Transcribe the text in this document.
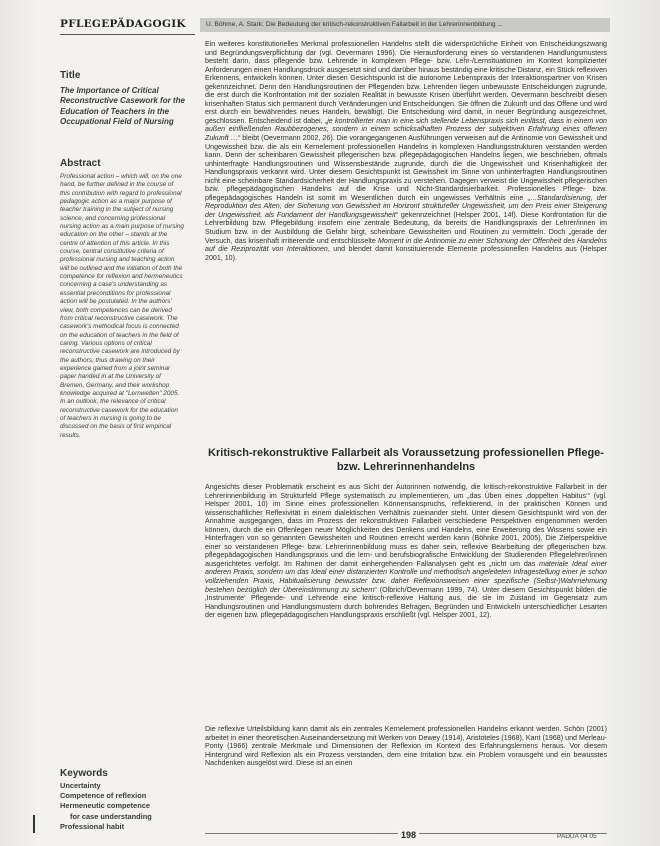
PFLEGEPÄDAGOGIK
Title
The Importance of Critical Reconstructive Casework for the Education of Teachers in the Occupational Field of Nursing
Abstract
Professional action – which will, on the one hand, be further defined in the course of this contribution with regard to professional pedagogic action as a major purpose of teacher training in the subject of nursing science, and concerning professional nursing action as a main purpose of nursing education on the other – stands at the centre of attention of this article. In this course, central constitutive criteria of professional nursing and teaching action will be outlined and the initiation of both the competence for reflexion and hermeneutics concerning a case's understanding as essential preconditions for professional action will be postulated. In the authors' view, both competences can be derived from critical reconstructive casework. The casework's methodical focus is connected on the education of teachers in the field of caring. Various options of critical reconstructive casework are introduced by the authors, thus drawing on their experience gained from a joint seminar paper handed in at the University of Bremen, Germany, and their workshop knowledge acquired at "Lernwelten" 2005. In an outlook, the relevance of critical reconstructive casework for the education of teachers in nursing is going to be discussed on the basis of first empirical results.
Keywords
Uncertainty
Competence of reflexion
Hermeneutic competence
for case understanding
Professional habit
U. Böhme, A. Stark: Die Bedeutung der kritisch-rekonstruktiven Fallarbeit in der Lehrerinnenbildung ...

Ein weiteres konstitutionelles Merkmal professionellen Handelns stellt die widersprüchliche Einheit von Entscheidungszwang und Begründungsverpflichtung dar (vgl. Oevermann 1996). Die Herausforderung eines so verstandenen Handlungsmusters besteht darin, dass pflegende bzw. Lehrende in komplexen Pflege- bzw. Lehr-/Lernsituationen im Kontext komplizierter Anforderungen einen Handlungsdruck ausgesetzt sind und darüber hinaus beständig eine kritische Distanz, ein Stück reflexiven Erkennens, entwickeln können. Unter diesen Gesichtspunkt ist die autonome Lebenspraxis der Interaktionspartner von Krisen gekennzeichnet. Denn den Handlungsroutinen der Pflegenden bzw. Lehrenden liegen unbewusste Entscheidungen zugrunde, die erst durch die Konfrontation mit der sozialen Realität in bewusste Krisen überführt werden. Oevermann beschreibt diesen krisenhaften Status sich permanent durch Veränderungen und Entscheidungen. Sie öffnen die Zukunft und das Offene und wird erst durch ein bewährendes neues Handeln, bewältigt. Die Entscheidung wird damit, in neuer Begründung ausgezeichnet, geschlossen. Entscheidend ist dabei, „je kontrollierter man in eine sich stellende Lebenspraxis sich einlässt, dass in einem von außen einfließenden Raubbezogenes, sondern in einem schicksalhaften Prozess der subjektiven Erfahrung eines offenen Zukunft …“ bleibt (Oevermann 2002, 26). Die vorangegangenen Ausführungen verweisen auf die Antinomie von Gewissheit und Ungewissheit bzw. die als ein Kernelement professionellen Handelns in komplexen Handlungsstrukturen verstanden werden kann. Denn der scheinbaren Gewissheit pflegerischen bzw. pflegepädagogischen Handelns liegen, wie beschrieben, oftmals unhinterfragte Handlungsroutinen und Wissensbestände zugrunde, durch die die Ungewissheit und Krisenhaftigkeit der Handlungspraxis verkannt wird. Unter diesem Gesichtspunkt ist Gewissheit im Sinne von unhinterfragten Handlungsroutinen nicht eine scheinbare Standardsicherheit der Handlungspraxis zu verstehen. Dagegen verweist die Ungewissheit pflegerischen bzw. pflegepädagogischen Handelns auf die Krise und Nicht-Standardisierbarkeit. Professionelles Pflege- bzw. pflegepädagogisches Handeln ist somit im Wesentlichen durch ein ungewisses Verhältnis eine „…Standardisierung, der Reproduktion des Alten, der Sicherung von Gewissheit im Horizont struktureller Ungewissheit, um den Preis einer Steigerung der Ungewissheit, als Fundament der Handlungsgewissheit“ gekennzeichnet (Helsper 2001, 14f). Diese Konfrontation für die Lehrerbildung bzw. Pflegebildung insofern eine zentrale Bedeutung, da bereits die Handlungspraxis der Lehrer/innen im Studium bzw. in der Ausbildung die Gefahr birgt, scheinbare Gewissheiten und Routinen zu vermitteln. Doch „gerade der Versuch, das krisenhaft irritierende und entschlüsselte Moment in die Antinomie zu einer Schonung der Offenheit des Handelns auf die Reziprozität von Interaktionen, und blendet damit konstituierende Elemente professionellen Handelns aus (Helsper 2001, 10).

Kritisch-rekonstruktive Fallarbeit als Voraussetzung professionellen Pflege- bzw. Lehrerinnenhandelns

Angesichts dieser Problematik erscheint es aus Sicht der Autorinnen notwendig, die kritisch-rekonstruktive Fallarbeit in der Lehrerinnenbildung im Strukturfeld Pflege systematisch zu implementieren, um „das Üben eines ‚doppelten Habitus‘“ (vgl. Helsper 2001, 10) im Sinne eines professionellen Könnensanspruchs, reflektierend, in der praktischen Können und wissenschaftlicher Reflexivität in einem dialektischen Verhältnis zueinander steht. Unter diesem Gesichtspunkt wird von der Annahme ausgegangen, dass im Prozess der rekonstruktiven Fallarbeit verschiedene Perspektiven eingenommen werden können, durch die ein Offenlegen neuer Möglichkeiten des Denkens und Handelns, eine Erweiterung des Wissens sowie ein Hinterfragen von so genannten Gewissheiten und Routinen erreicht werden kann (Böhnke 2001, 2005), Die Zielperspektive einer so verstandenen Pflege- bzw. Lehrerinnenbildung muss es daher sein, reflexive Bearbeitung der pflegerischen bzw. pflegepädagogischen Handlungspraxis und die lern- und berufsbiografische Entwicklung der Studierenden Pflegelehrer/innen ausgerichtetes verfolgt. Im Rahmen der damit einhergehenden Fallanalysen geht es „nicht um das materiale Ideal einer anderen Praxis, sondern um das Ideal einer distanzierten Kontrolle und methodisch angeleiteten Infragestellung einer je schon vollziehenden Praxis, Habitualisierung bewusster bzw. daher Reflexionsweisen einer spezifische (Selbst-)Wahrnehmung bestehen bezüglich der Übereinstimmung zu sichern“ (Olbrich/Oevermann 1999, 74). Unter diesem Gesichtspunkt bilden die ‚Instrumente‘ Pflegende- und Lehrende eine kritisch-reflexive Haltung aus, die sie im Zustand im Gegensatz zum Handlungsroutinen und Handlungsmustern durch bohrendes Befragen, Begründen und Entwickeln unterschiedlicher Lesarten der eigenen bzw. pflegepädagogischen Handlungspraxis erschließt (vgl. Helsper 2001, 12).

Die reflexive Urteilsbildung kann damit als ein zentrales Kernelement professionellen Handelns erkannt werden. Schön (2001) arbeitet in einer theoretischen Auseinandersetzung mit Werken von Dewey (1914), Aristoteles (1968), Kant (1968) und Merleau-Ponty (1966) zentrale Merkmale und Dimensionen der Reflexion im Kontext des Erfahrungslernens heraus. Vor diesem Hintergrund wird Reflexion als ein Prozess verstanden, dem eine Irritation bzw. ein Problem vorausgeht und ein bewusstes Nachdenken ausgelöst wird. Diese ist an einen

198	PADUA 04 05
